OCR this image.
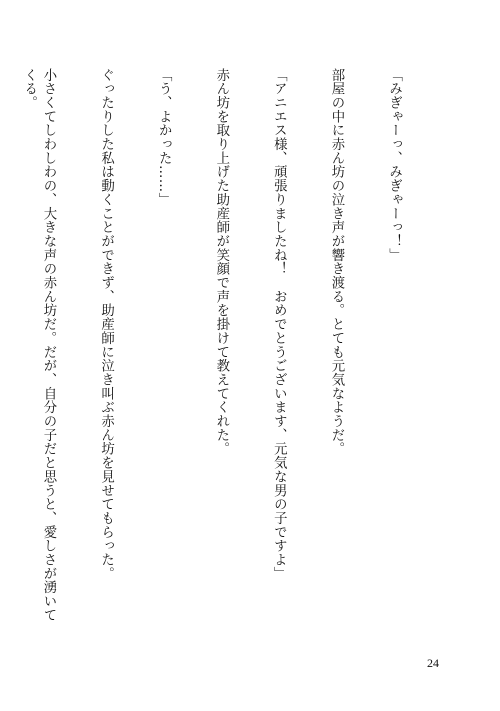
「みぎゃーっ、みぎゃーっ！」

部屋の中に赤ん坊の泣き声が響き渡る。とても元気なようだ。

「アニエス様、頑張りましたね！　おめでとうございます、元気な男の子ですよ」

赤ん坊を取り上げた助産師が笑顔で声を掛けて教えてくれた。

「う、よかった……」

ぐったりした私は動くことができず、助産師に泣き叫ぶ赤ん坊を見せてもらった。

小さくてしわしわの、大きな声の赤ん坊だ。だが、自分の子だと思うと、愛しさが湧いてくる。

24
